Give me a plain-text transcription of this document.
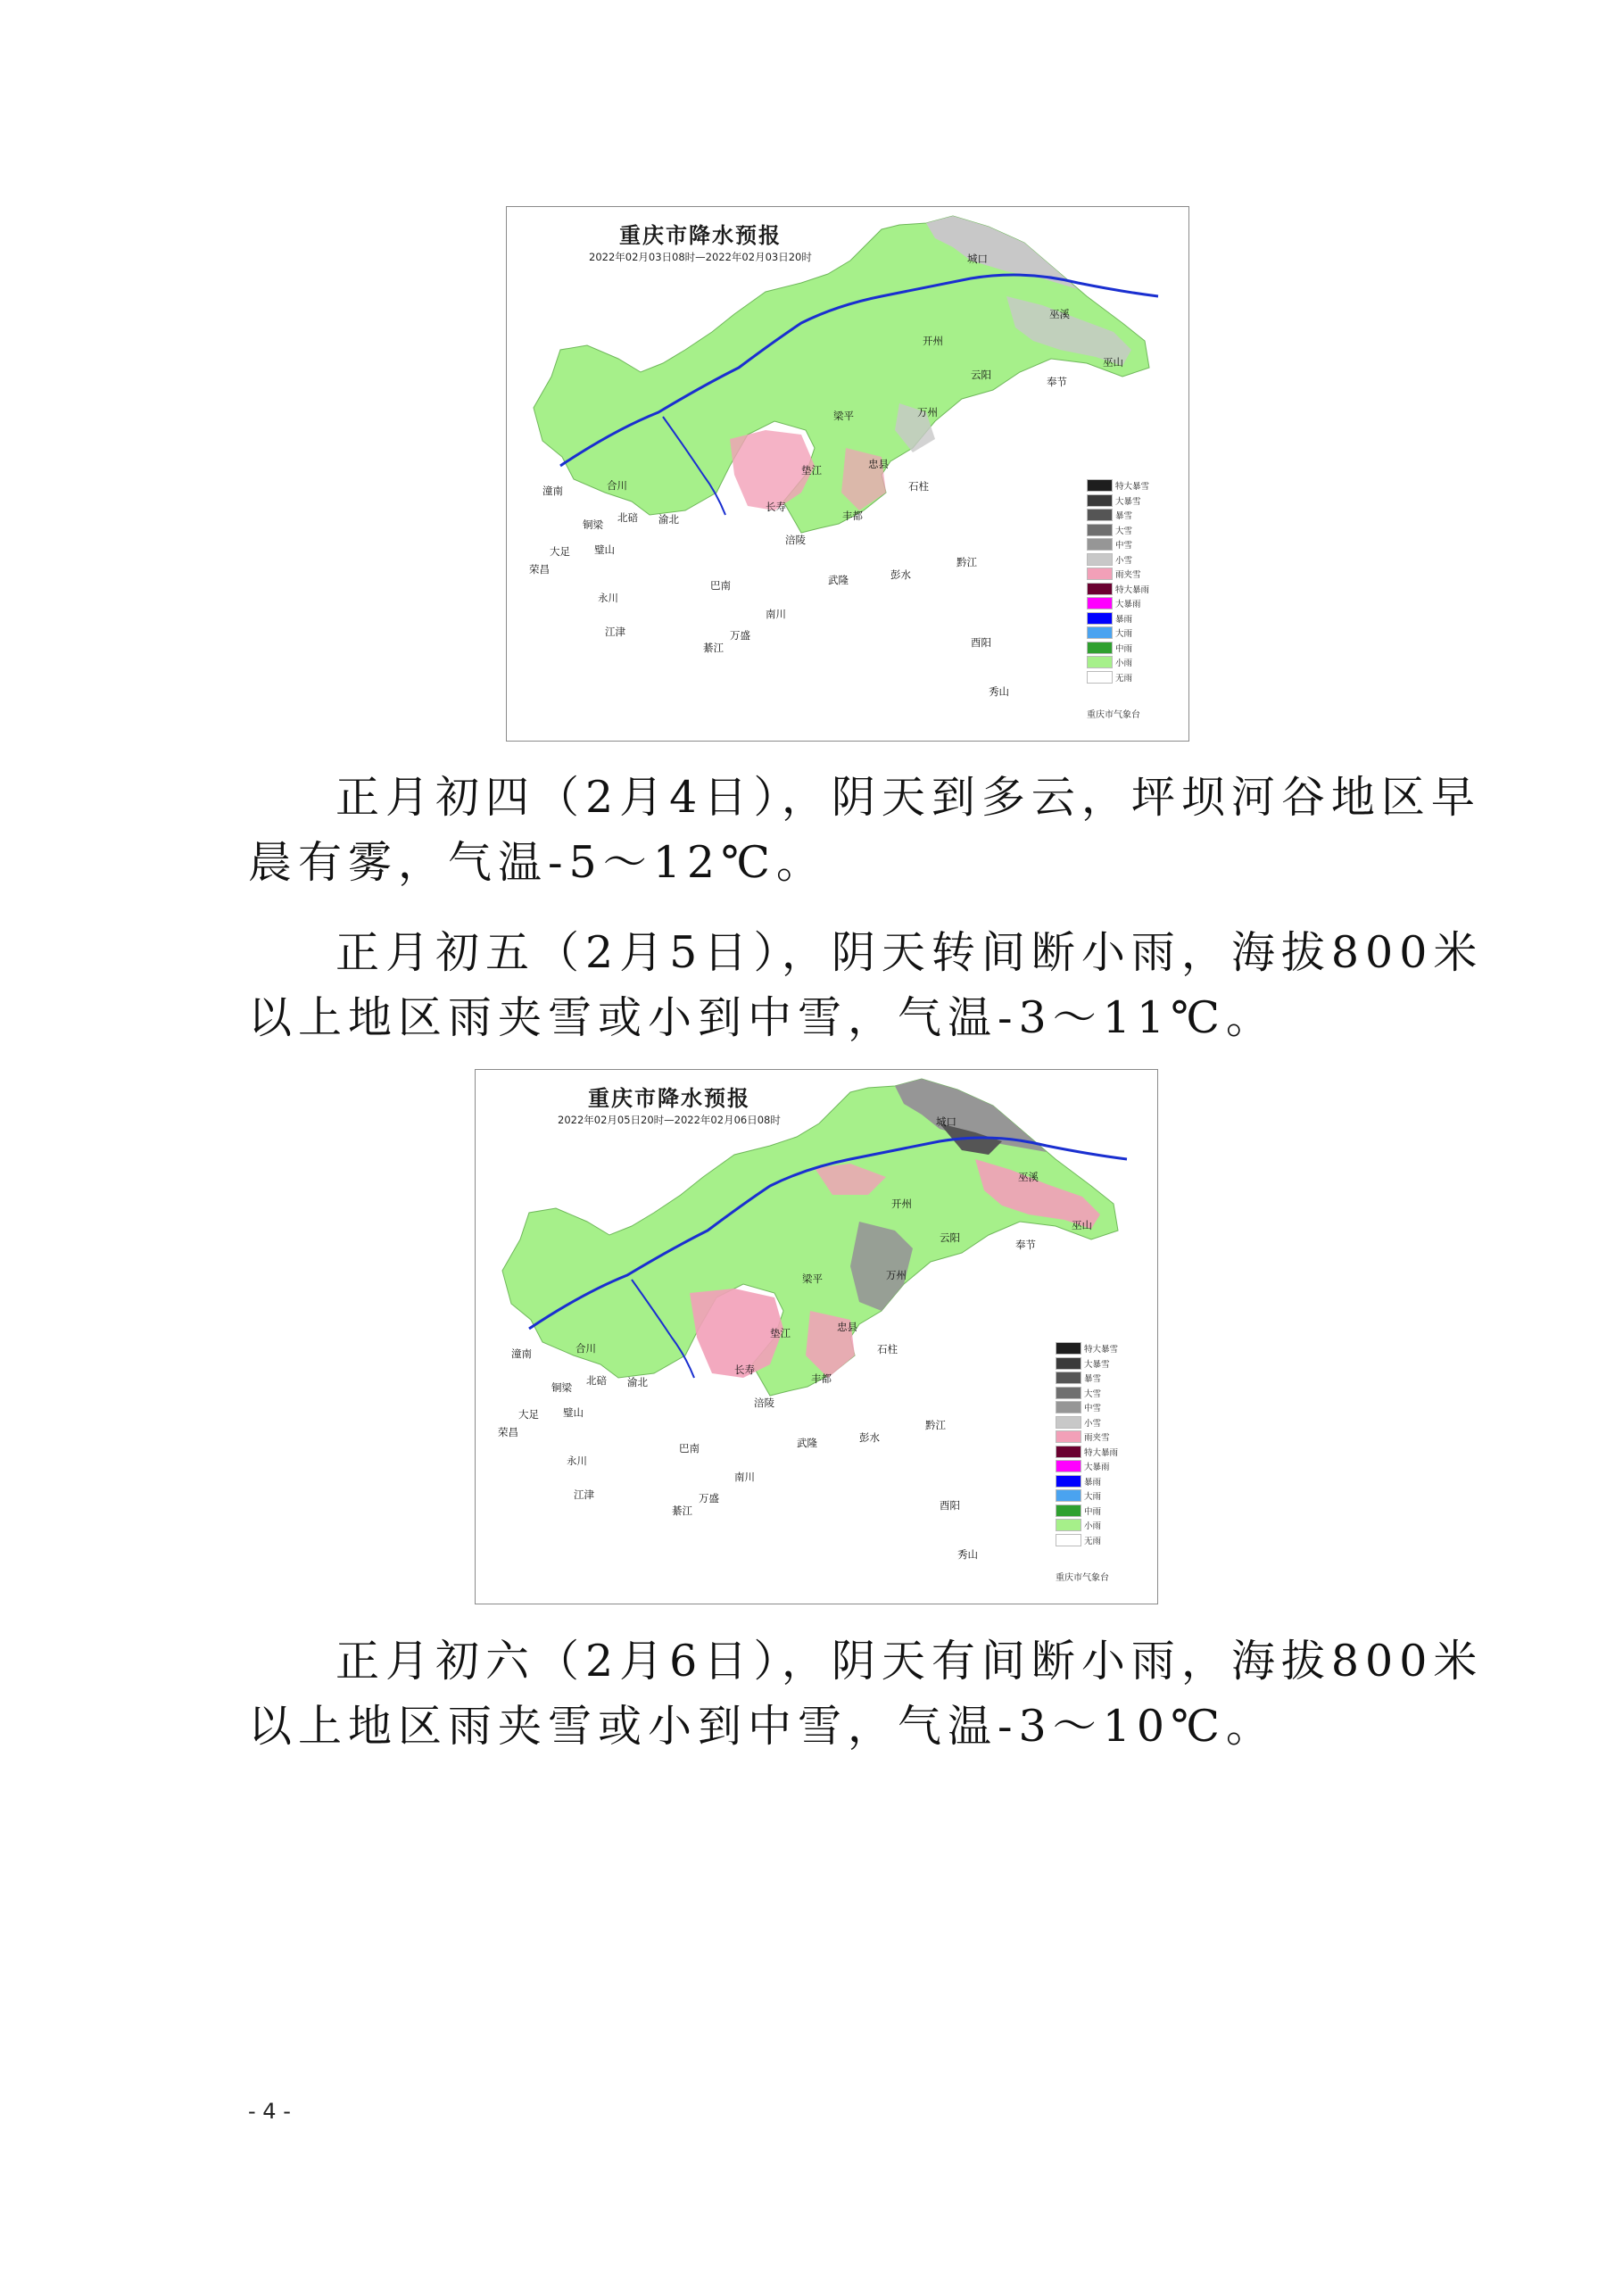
重庆市降水预报
2022年02月03日08时—2022年02月03日20时	城口
巫溪
开州
巫山
云阳
奉节
梁平	万州
垫江	忠县
石柱
潼南	合川
北碚 渝北
长寿
铜梁
璧山
大足
丰都
涪陵
黔江
荣昌
永川
巴南	武隆	彭水
江津
綦江
南川
万盛
酉阳
秀山
特大暴雪
大暴雪
暴雪
大雪
中雪
小雪
雨夹雪
特大暴雨
大暴雨
暴雨
大雨
中雨
小雨
无雨
重庆市气象台
正月初四（2月4日），阴天到多云，坪坝河谷地区早
晨有雾，气温-5～12℃。
正月初五（2月5日），阴天转间断小雨，海拔800米
以上地区雨夹雪或小到中雪，气温-3～11℃。
重庆市降水预报
2022年02月05日20时—2022年02月06日08时	城口
巫溪
开州
巫山
云阳
奉节
梁平	万州
垫江	忠县
石柱
潼南	合川
北碚 渝北
长寿
铜梁
璧山
大足
丰都
涪陵
黔江
荣昌
永川
巴南	武隆	彭水
江津
綦江
南川
万盛
酉阳
秀山
特大暴雪
大暴雪
暴雪
大雪
中雪
小雪
雨夹雪
特大暴雨
大暴雨
暴雨
大雨
中雨
小雨
无雨
重庆市气象台
正月初六（2月6日），阴天有间断小雨，海拔800米
以上地区雨夹雪或小到中雪，气温-3～10℃。
- 4 -
